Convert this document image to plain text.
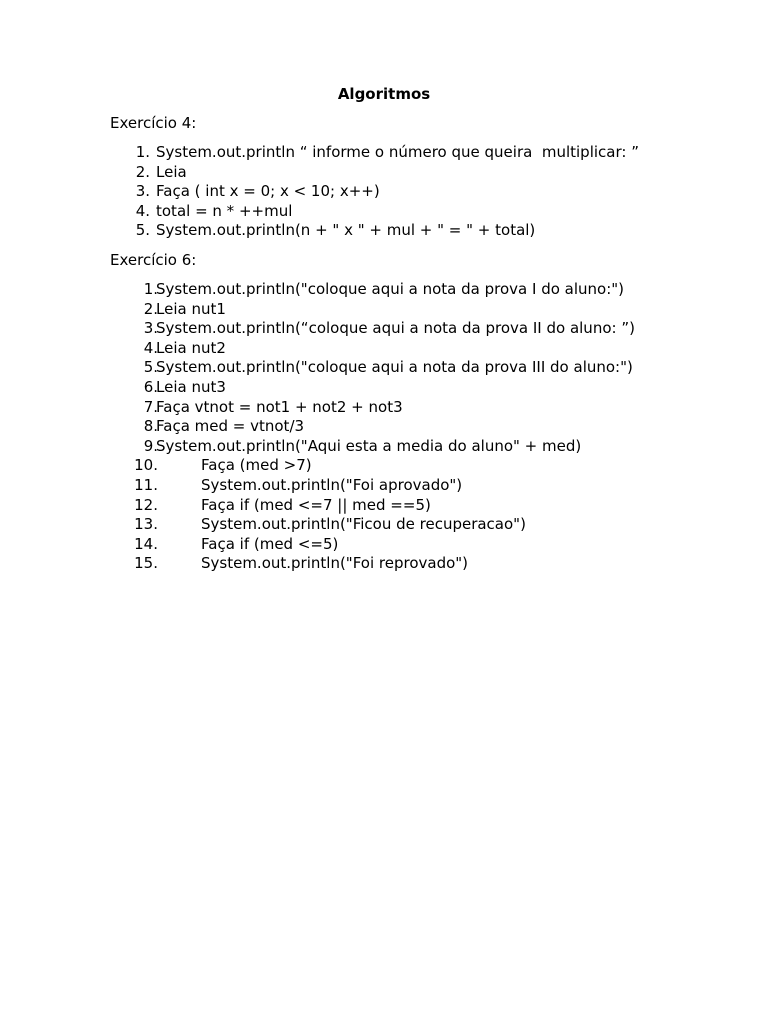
Algoritmos
Exercício 4:
1. System.out.println “ informe o número que queira  multiplicar: ”
2. Leia
3. Faça ( int x = 0; x < 10; x++)
4. total = n * ++mul
5. System.out.println(n + " x " + mul + " = " + total)
Exercício 6:
1.
System.out.println("coloque aqui a nota da prova I do aluno:")
2.
Leia nut1
3.
System.out.println(“coloque aqui a nota da prova II do aluno: ”)
4.
Leia nut2
5.
System.out.println("coloque aqui a nota da prova III do aluno:")
6.
Leia nut3
7.
Faça vtnot = not1 + not2 + not3
8.
Faça med = vtnot/3
9.
System.out.println("Aqui esta a media do aluno" + med)
10.	Faça (med >7)
11.	System.out.println("Foi aprovado")
12.	Faça if (med <=7 || med ==5)
13.	System.out.println("Ficou de recuperacao")
14.	Faça if (med <=5)
15.	System.out.println("Foi reprovado")
